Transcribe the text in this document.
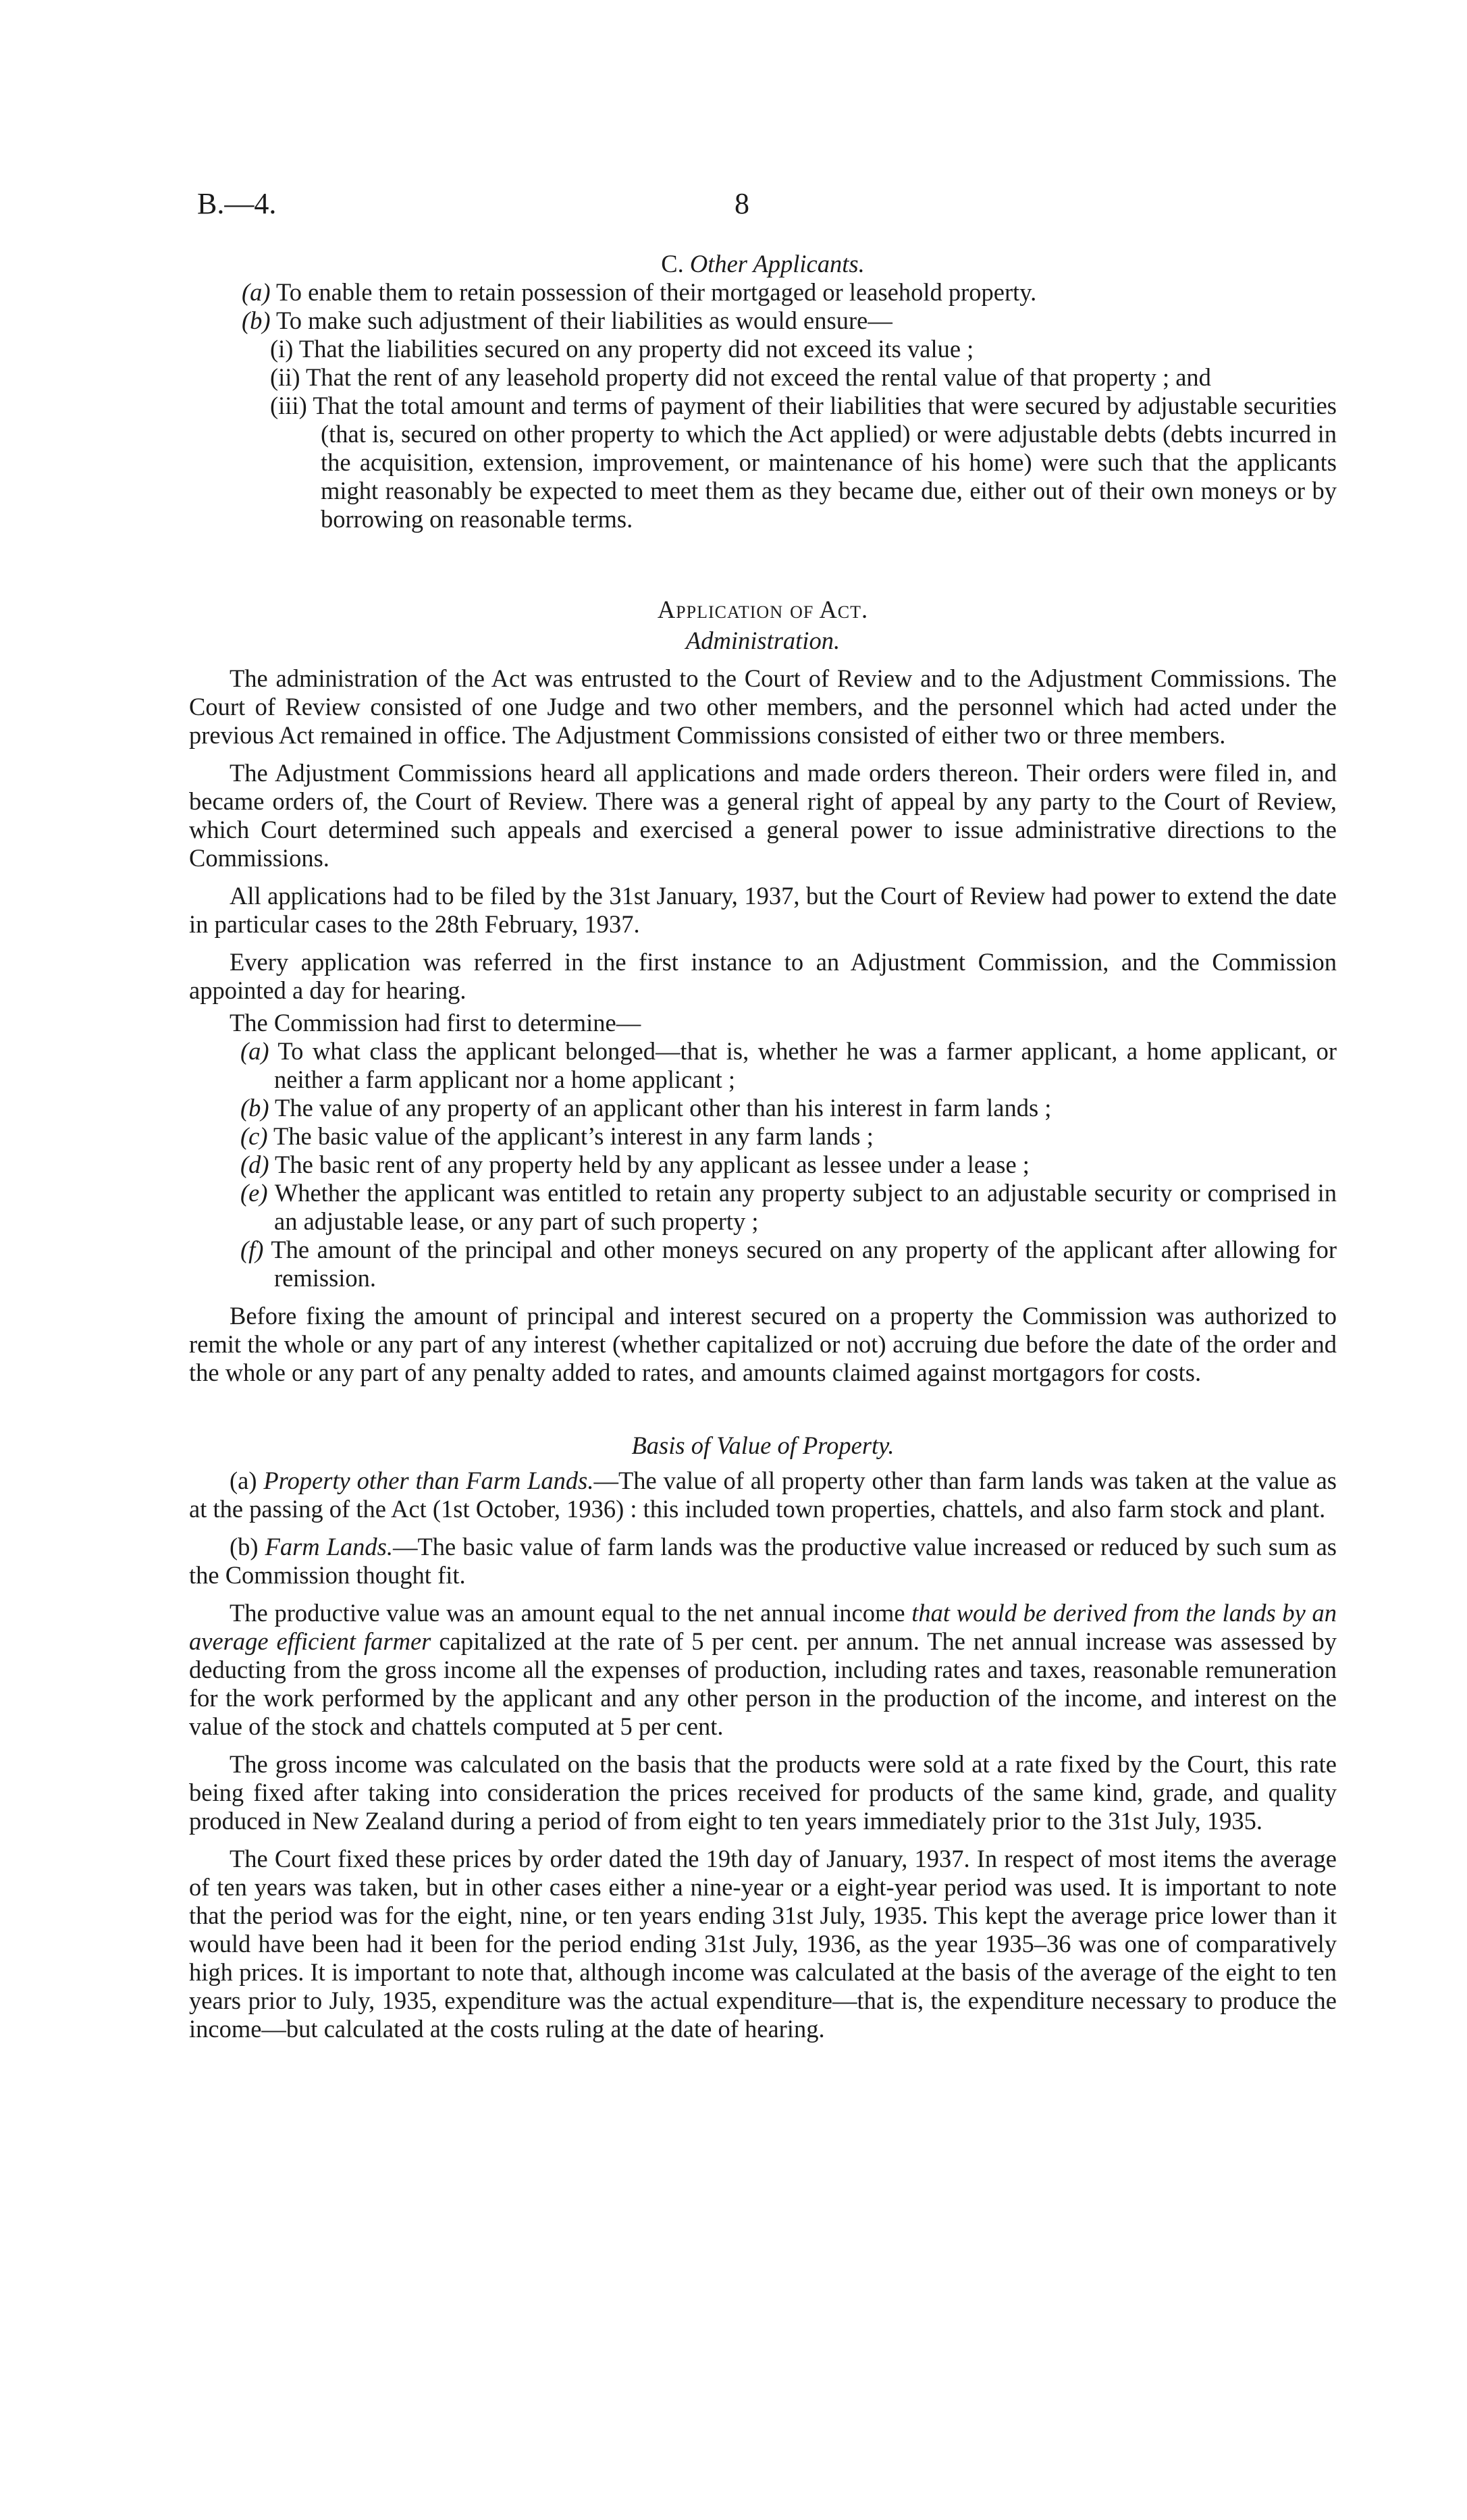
B.—4.	8

C. Other Applicants.

(a) To enable them to retain possession of their mortgaged or leasehold property.

(b) To make such adjustment of their liabilities as would ensure—

(i) That the liabilities secured on any property did not exceed its value ;

(ii) That the rent of any leasehold property did not exceed the rental value of that property ; and

(iii) That the total amount and terms of payment of their liabilities that were secured by adjustable securities (that is, secured on other property to which the Act applied) or were adjustable debts (debts incurred in the acquisition, extension, improvement, or maintenance of his home) were such that the applicants might reasonably be expected to meet them as they became due, either out of their own moneys or by borrowing on reasonable terms.

Application of Act.

Administration.

The administration of the Act was entrusted to the Court of Review and to the Adjustment Commissions. The Court of Review consisted of one Judge and two other members, and the personnel which had acted under the previous Act remained in office. The Adjustment Commissions consisted of either two or three members.

The Adjustment Commissions heard all applications and made orders thereon. Their orders were filed in, and became orders of, the Court of Review. There was a general right of appeal by any party to the Court of Review, which Court determined such appeals and exercised a general power to issue administrative directions to the Commissions.

All applications had to be filed by the 31st January, 1937, but the Court of Review had power to extend the date in particular cases to the 28th February, 1937.

Every application was referred in the first instance to an Adjustment Commission, and the Commission appointed a day for hearing.

The Commission had first to determine—

(a) To what class the applicant belonged—that is, whether he was a farmer applicant, a home applicant, or neither a farm applicant nor a home applicant ;

(b) The value of any property of an applicant other than his interest in farm lands ;

(c) The basic value of the applicant’s interest in any farm lands ;

(d) The basic rent of any property held by any applicant as lessee under a lease ;

(e) Whether the applicant was entitled to retain any property subject to an adjustable security or comprised in an adjustable lease, or any part of such property ;

(f) The amount of the principal and other moneys secured on any property of the applicant after allowing for remission.

Before fixing the amount of principal and interest secured on a property the Commission was authorized to remit the whole or any part of any interest (whether capitalized or not) accruing due before the date of the order and the whole or any part of any penalty added to rates, and amounts claimed against mortgagors for costs.

Basis of Value of Property.

(a) Property other than Farm Lands.—The value of all property other than farm lands was taken at the value as at the passing of the Act (1st October, 1936) : this included town properties, chattels, and also farm stock and plant.

(b) Farm Lands.—The basic value of farm lands was the productive value increased or reduced by such sum as the Commission thought fit.

The productive value was an amount equal to the net annual income that would be derived from the lands by an average efficient farmer capitalized at the rate of 5 per cent. per annum. The net annual increase was assessed by deducting from the gross income all the expenses of production, including rates and taxes, reasonable remuneration for the work performed by the applicant and any other person in the production of the income, and interest on the value of the stock and chattels computed at 5 per cent.

The gross income was calculated on the basis that the products were sold at a rate fixed by the Court, this rate being fixed after taking into consideration the prices received for products of the same kind, grade, and quality produced in New Zealand during a period of from eight to ten years immediately prior to the 31st July, 1935.

The Court fixed these prices by order dated the 19th day of January, 1937. In respect of most items the average of ten years was taken, but in other cases either a nine-year or a eight-year period was used. It is important to note that the period was for the eight, nine, or ten years ending 31st July, 1935. This kept the average price lower than it would have been had it been for the period ending 31st July, 1936, as the year 1935–36 was one of comparatively high prices. It is important to note that, although income was calculated at the basis of the average of the eight to ten years prior to July, 1935, expenditure was the actual expenditure—that is, the expenditure necessary to produce the income—but calculated at the costs ruling at the date of hearing.
